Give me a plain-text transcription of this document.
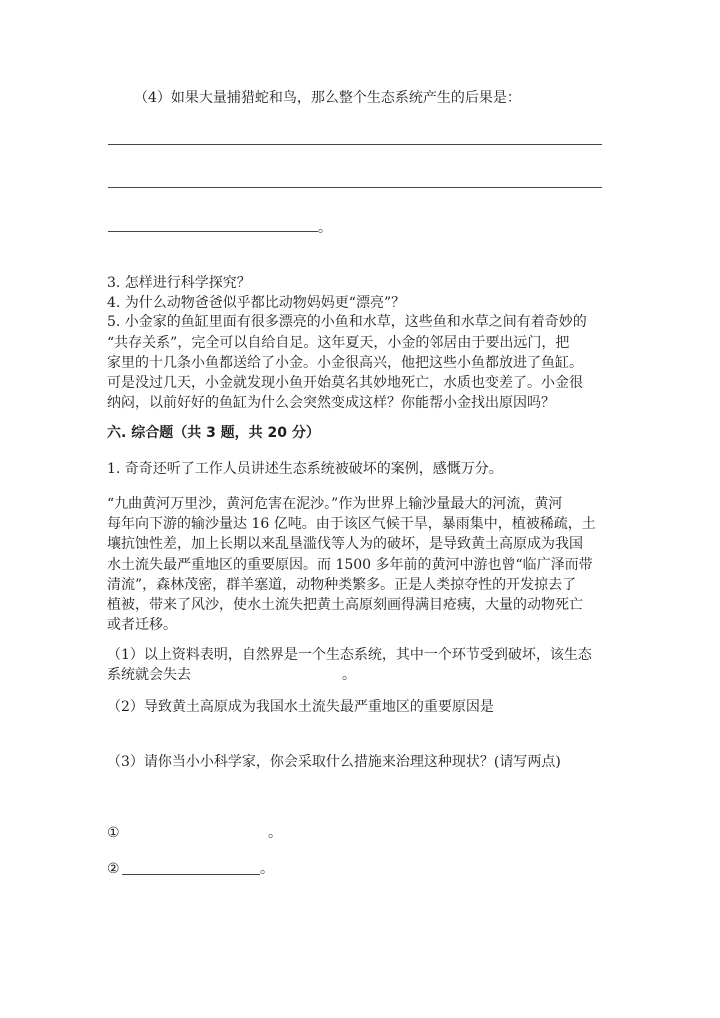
（4）如果大量捕猎蛇和鸟，那么整个生态系统产生的后果是：
。
3. 怎样进行科学探究？
4. 为什么动物爸爸似乎都比动物妈妈更“漂亮”？
5. 小金家的鱼缸里面有很多漂亮的小鱼和水草，这些鱼和水草之间有着奇妙的
“共存关系”，完全可以自给自足。这年夏天，小金的邻居由于要出远门，把
家里的十几条小鱼都送给了小金。小金很高兴，他把这些小鱼都放进了鱼缸。
可是没过几天，小金就发现小鱼开始莫名其妙地死亡，水质也变差了。小金很
纳闷，以前好好的鱼缸为什么会突然变成这样？你能帮小金找出原因吗？
六. 综合题（共 3 题，共 20 分）
1. 奇奇还听了工作人员讲述生态系统被破坏的案例，感慨万分。
“九曲黄河万里沙，黄河危害在泥沙。”作为世界上输沙量最大的河流，黄河
每年向下游的输沙量达 16 亿吨。由于该区气候干旱，暴雨集中，植被稀疏，土
壤抗蚀性差，加上长期以来乱垦滥伐等人为的破坏，是导致黄土高原成为我国
水土流失最严重地区的重要原因。而 1500 多年前的黄河中游也曾“临广泽而带
清流”，森林茂密，群羊塞道，动物种类繁多。正是人类掠夺性的开发掠去了
植被，带来了风沙，使水土流失把黄土高原刻画得满目疮痍，大量的动物死亡
或者迁移。
（1）以上资料表明，自然界是一个生态系统，其中一个环节受到破坏，该生态
系统就会失去	。
（2）导致黄土高原成为我国水土流失最严重地区的重要原因是
（3）请你当小小科学家，你会采取什么措施来治理这种现状？(请写两点)
①	。
②	。
